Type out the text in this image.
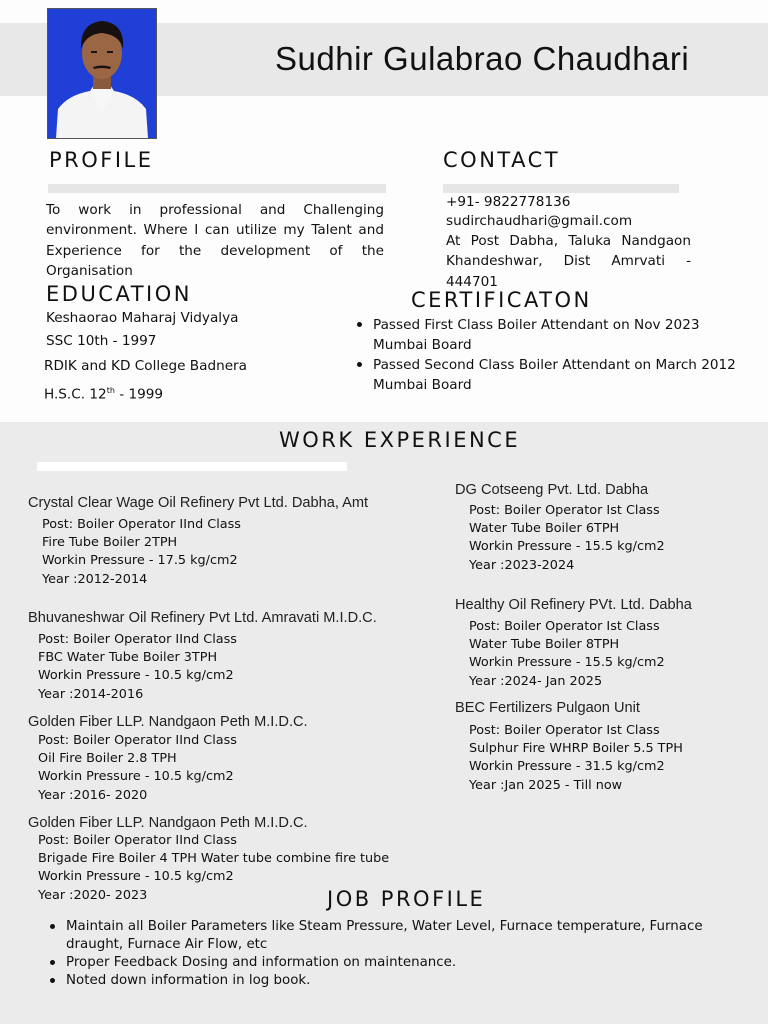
Sudhir Gulabrao Chaudhari
PROFILE
To work in professional and Challenging environment. Where I can utilize my Talent and Experience for the development of the Organisation
CONTACT
+91- 9822778136
sudirchaudhari@gmail.com
At Post Dabha, Taluka Nandgaon Khandeshwar, Dist Amrvati - 444701
EDUCATION
Keshaorao Maharaj Vidyalya
SSC 10th - 1997
RDIK and KD College Badnera
H.S.C. 12th - 1999
CERTIFICATON
Passed First Class Boiler Attendant on Nov 2023
Mumbai Board
Passed Second Class Boiler Attendant on March 2012
Mumbai Board
WORK EXPERIENCE
Crystal Clear Wage Oil Refinery Pvt Ltd. Dabha, Amt
Post: Boiler Operator IInd Class
Fire Tube Boiler 2TPH
Workin Pressure - 17.5 kg/cm2
Year :2012-2014
Bhuvaneshwar Oil Refinery Pvt Ltd. Amravati M.I.D.C.
Post: Boiler Operator IInd Class
FBC Water Tube Boiler 3TPH
Workin Pressure - 10.5 kg/cm2
Year :2014-2016
Golden Fiber LLP. Nandgaon Peth M.I.D.C.
Post: Boiler Operator IInd Class
Oil Fire Boiler 2.8 TPH
Workin Pressure - 10.5 kg/cm2
Year :2016- 2020
Golden Fiber LLP. Nandgaon Peth M.I.D.C.
Post: Boiler Operator IInd Class
Brigade Fire Boiler 4 TPH Water tube combine fire tube
Workin Pressure - 10.5 kg/cm2
Year :2020- 2023
DG Cotseeng Pvt. Ltd. Dabha
Post: Boiler Operator Ist Class
Water Tube Boiler 6TPH
Workin Pressure - 15.5 kg/cm2
Year :2023-2024
Healthy Oil Refinery PVt. Ltd. Dabha
Post: Boiler Operator Ist Class
Water Tube Boiler 8TPH
Workin Pressure - 15.5 kg/cm2
Year :2024- Jan 2025
BEC Fertilizers Pulgaon Unit
Post: Boiler Operator Ist Class
Sulphur Fire WHRP Boiler 5.5 TPH
Workin Pressure - 31.5 kg/cm2
Year :Jan 2025 - Till now
JOB PROFILE
Maintain all Boiler Parameters like Steam Pressure, Water Level, Furnace temperature, Furnace draught, Furnace Air Flow, etc
Proper Feedback Dosing and information on maintenance.
Noted down information in log book.
